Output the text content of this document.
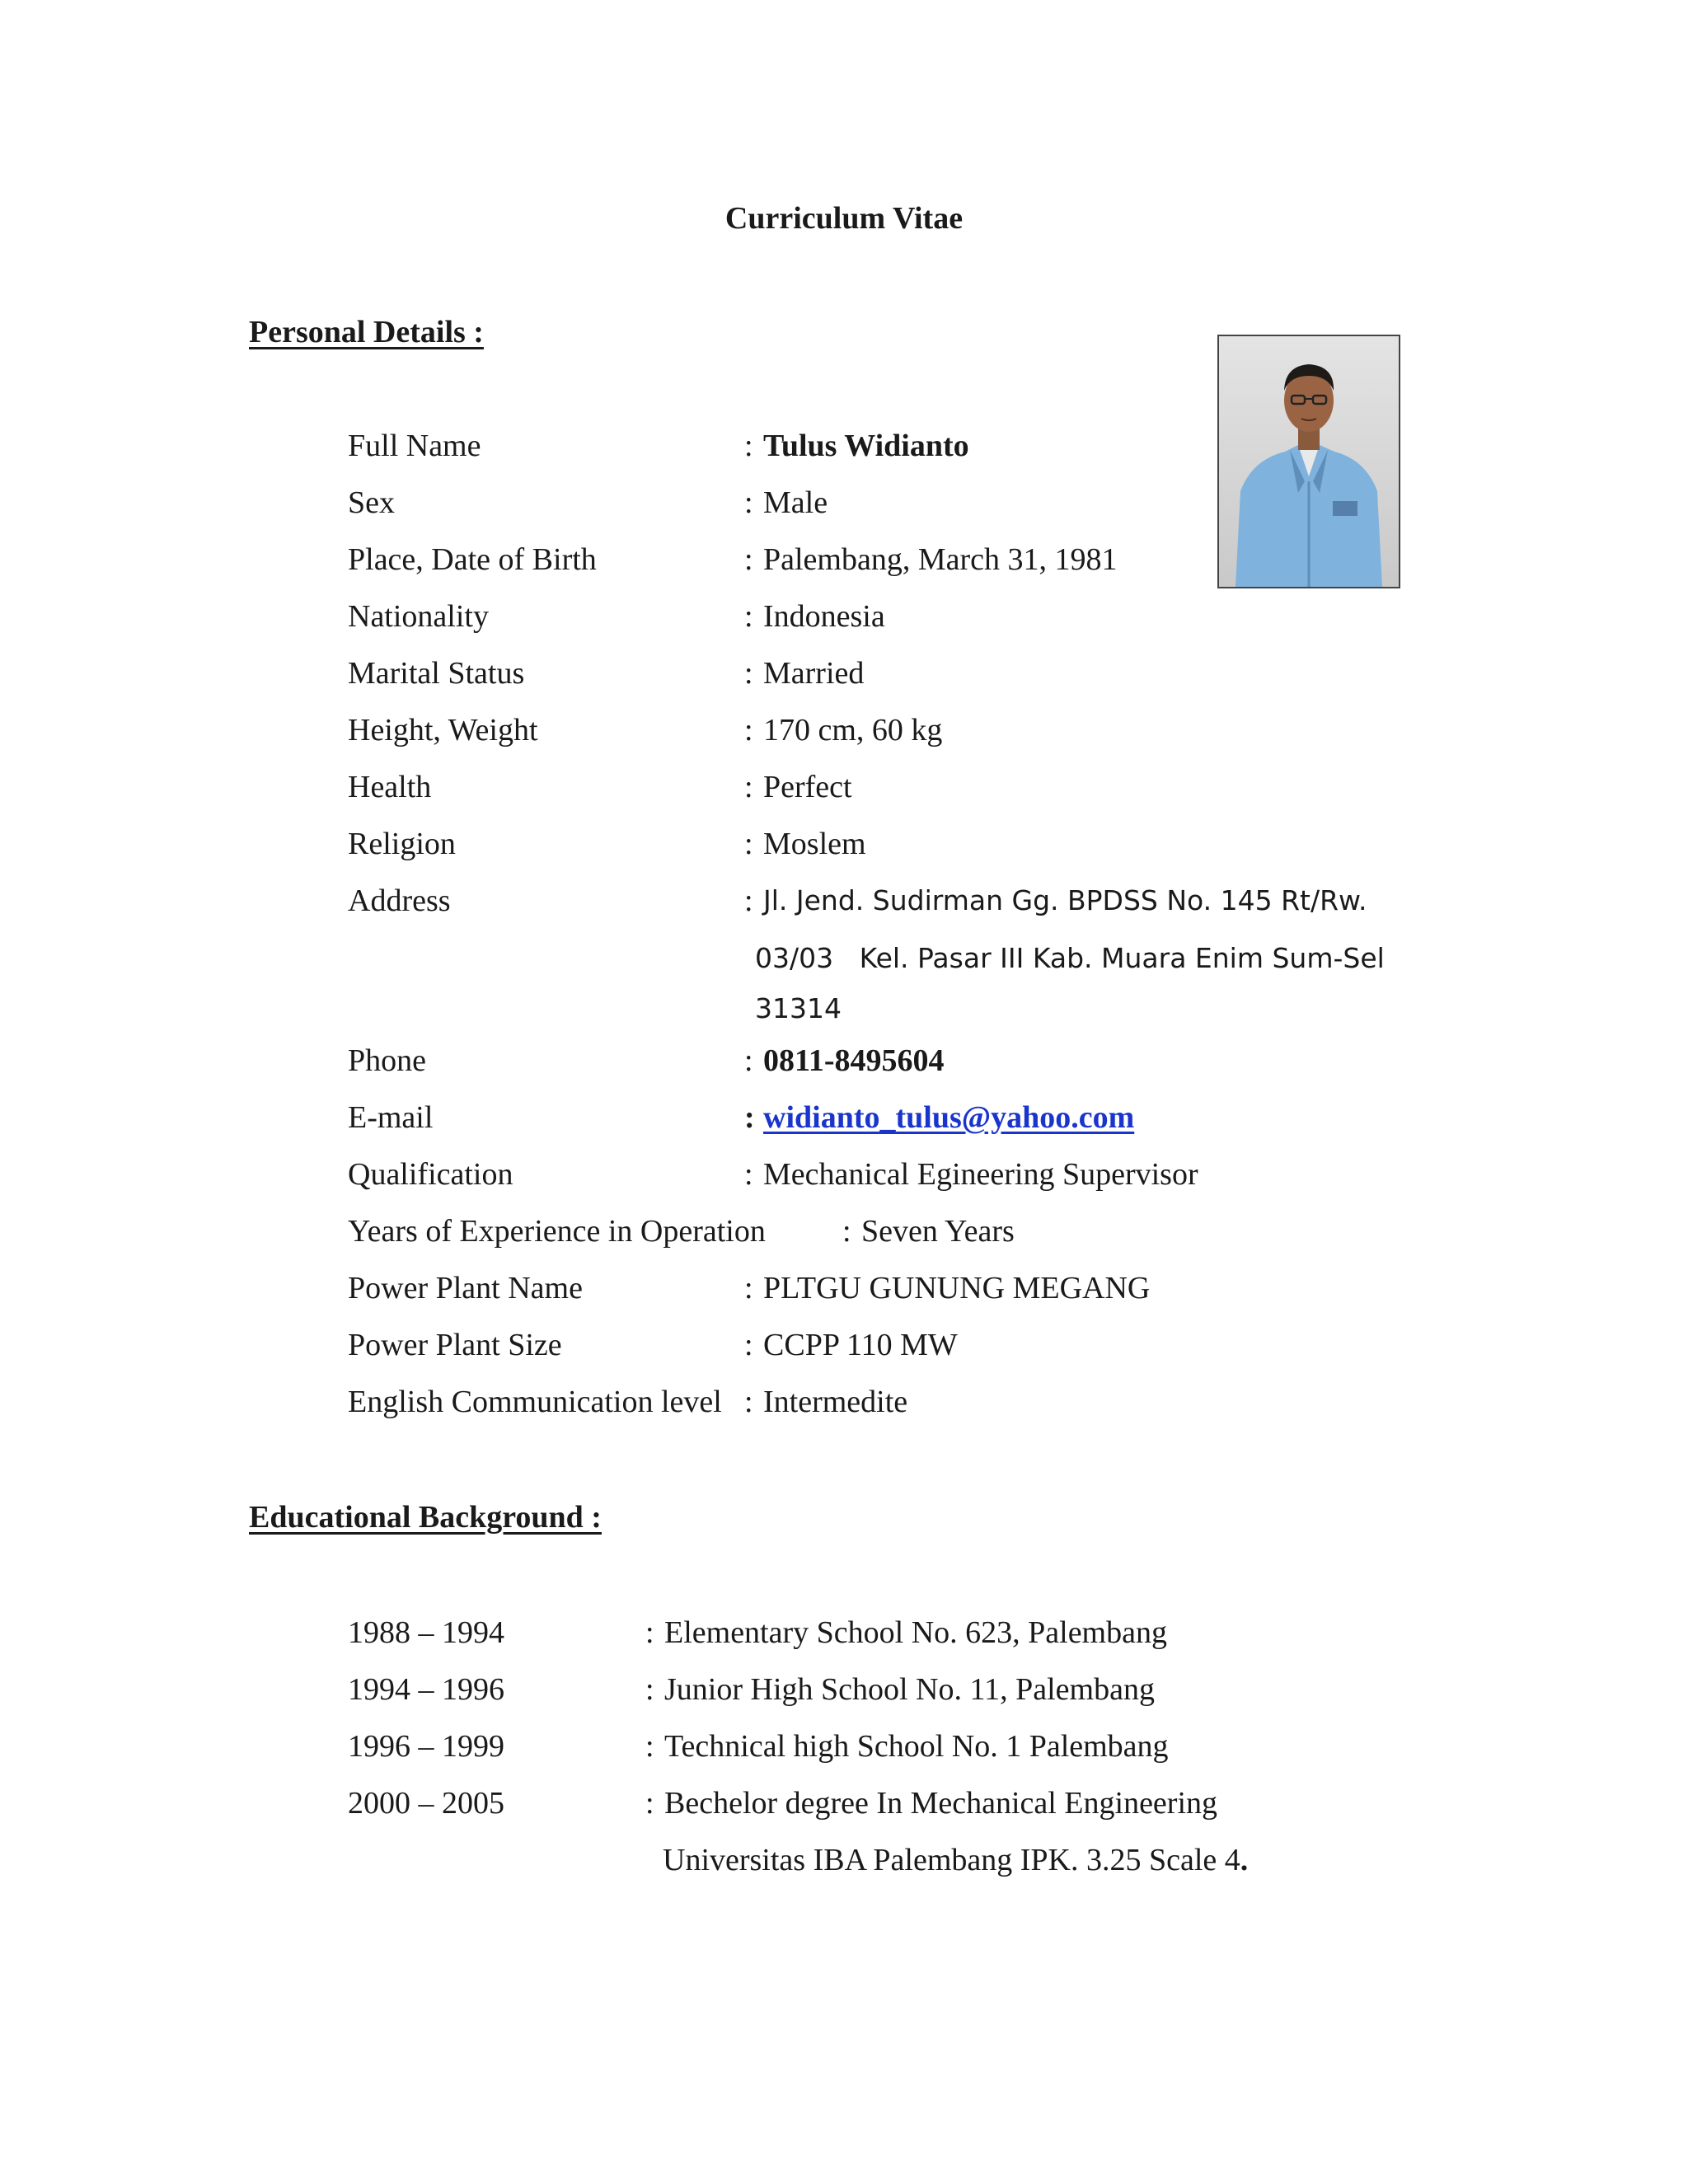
Curriculum Vitae
Personal Details :
Full Name	: Tulus Widianto
Sex	: Male
Place, Date of Birth	: Palembang, March 31, 1981
Nationality	: Indonesia
Marital Status	: Married
Height, Weight	: 170 cm, 60 kg
Health	: Perfect
Religion	: Moslem
Address	: Jl. Jend. Sudirman Gg. BPDSS No. 145 Rt/Rw.
03/03   Kel. Pasar III Kab. Muara Enim Sum-Sel
31314
Phone	: 0811-8495604
E-mail	: widianto_tulus@yahoo.com
Qualification	: Mechanical Egineering Supervisor
Years of Experience in Operation : Seven Years
Power Plant Name	: PLTGU GUNUNG MEGANG
Power Plant Size	: CCPP 110 MW
English Communication level : Intermedite
Educational Background :
1988 – 1994	: Elementary School No. 623, Palembang
1994 – 1996	: Junior High School No. 11, Palembang
1996 – 1999	: Technical high School No. 1 Palembang
2000 – 2005	: Bechelor degree In Mechanical Engineering
Universitas IBA Palembang IPK. 3.25 Scale 4.
